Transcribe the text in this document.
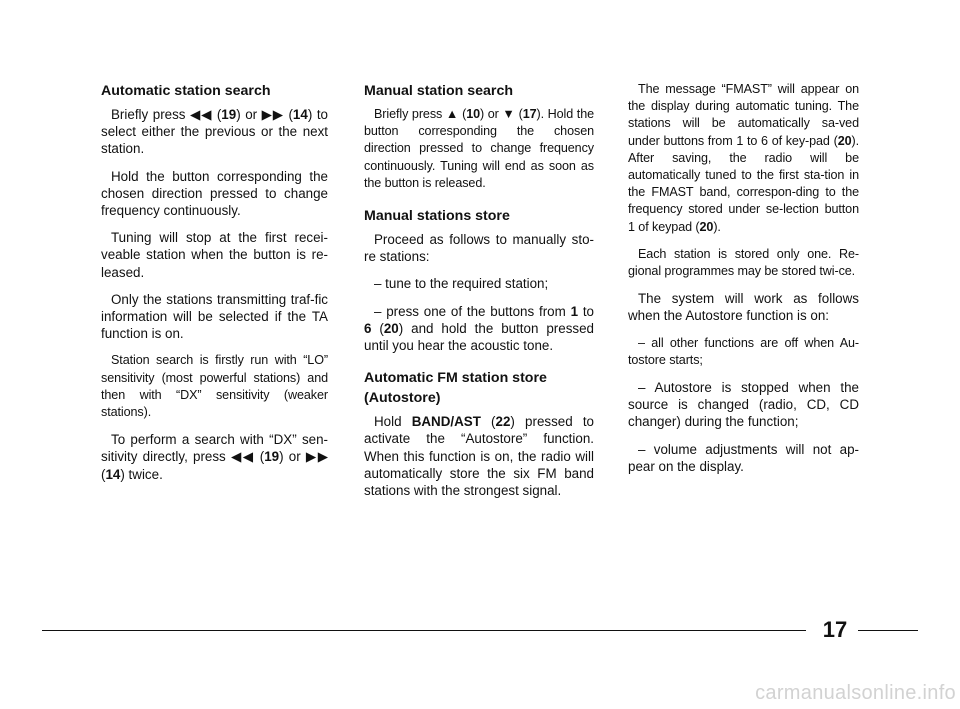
Automatic station search

Briefly press ◀◀ (19) or ▶▶ (14) to select either the previous or the next station.

Hold the button corresponding the chosen direction pressed to change frequency continuously.

Tuning will stop at the first recei-veable station when the button is re-leased.

Only the stations transmitting traf-fic information will be selected if the TA function is on.

Station search is firstly run with “LO” sensitivity (most powerful stations) and then with “DX” sensitivity (weaker stations).

To perform a search with “DX” sen-sitivity directly, press ◀◀ (19) or ▶▶ (14) twice.

Manual station search

Briefly press ▲ (10) or ▼ (17). Hold the button corresponding the chosen direction pressed to change frequency continuously. Tuning will end as soon as the button is released.

Manual stations store

Proceed as follows to manually sto-re stations:

– tune to the required station;

– press one of the buttons from 1 to 6 (20) and hold the button pressed until you hear the acoustic tone.

Automatic FM station store (Autostore)

Hold BAND/AST (22) pressed to activate the “Autostore” function. When this function is on, the radio will automatically store the six FM band stations with the strongest signal.

The message “FMAST” will appear on the display during automatic tuning. The stations will be automatically sa-ved under buttons from 1 to 6 of key-pad (20). After saving, the radio will be automatically tuned to the first sta-tion in the FMAST band, correspon-ding to the frequency stored under se-lection button 1 of keypad (20).

Each station is stored only one. Re-gional programmes may be stored twi-ce.

The system will work as follows when the Autostore function is on:

– all other functions are off when Au-tostore starts;

– Autostore is stopped when the source is changed (radio, CD, CD changer) during the function;

– volume adjustments will not ap-pear on the display.

17
carmanualsonline.info
